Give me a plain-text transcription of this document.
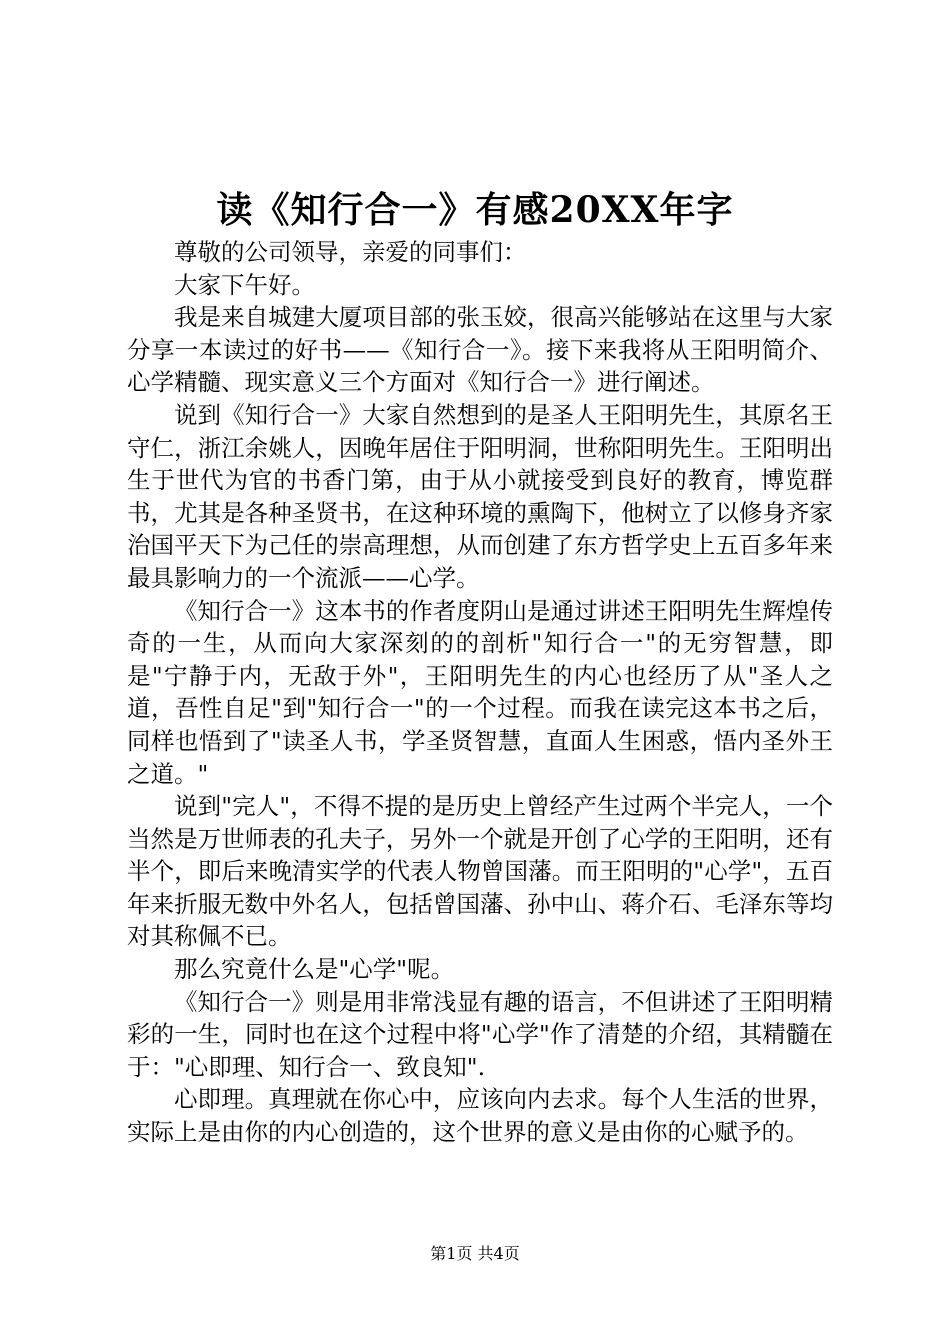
读《知行合一》有感20XX年字

尊敬的公司领导，亲爱的同事们：

大家下午好。

我是来自城建大厦项目部的张玉姣，很高兴能够站在这里与大家分享一本读过的好书——《知行合一》。接下来我将从王阳明简介、心学精髓、现实意义三个方面对《知行合一》进行阐述。

说到《知行合一》大家自然想到的是圣人王阳明先生，其原名王守仁，浙江余姚人，因晚年居住于阳明洞，世称阳明先生。王阳明出生于世代为官的书香门第，由于从小就接受到良好的教育，博览群书，尤其是各种圣贤书，在这种环境的熏陶下，他树立了以修身齐家治国平天下为己任的崇高理想，从而创建了东方哲学史上五百多年来最具影响力的一个流派——心学。

《知行合一》这本书的作者度阴山是通过讲述王阳明先生辉煌传奇的一生，从而向大家深刻的的剖析"知行合一"的无穷智慧，即是"宁静于内，无敌于外"，王阳明先生的内心也经历了从"圣人之道，吾性自足"到"知行合一"的一个过程。而我在读完这本书之后，同样也悟到了"读圣人书，学圣贤智慧，直面人生困惑，悟内圣外王之道。"

说到"完人"，不得不提的是历史上曾经产生过两个半完人，一个当然是万世师表的孔夫子，另外一个就是开创了心学的王阳明，还有半个，即后来晚清实学的代表人物曾国藩。而王阳明的"心学"，五百年来折服无数中外名人，包括曾国藩、孙中山、蒋介石、毛泽东等均对其称佩不已。

那么究竟什么是"心学"呢。

《知行合一》则是用非常浅显有趣的语言，不但讲述了王阳明精彩的一生，同时也在这个过程中将"心学"作了清楚的介绍，其精髓在于："心即理、知行合一、致良知".

心即理。真理就在你心中，应该向内去求。每个人生活的世界，实际上是由你的内心创造的，这个世界的意义是由你的心赋予的。

第1页 共4页
